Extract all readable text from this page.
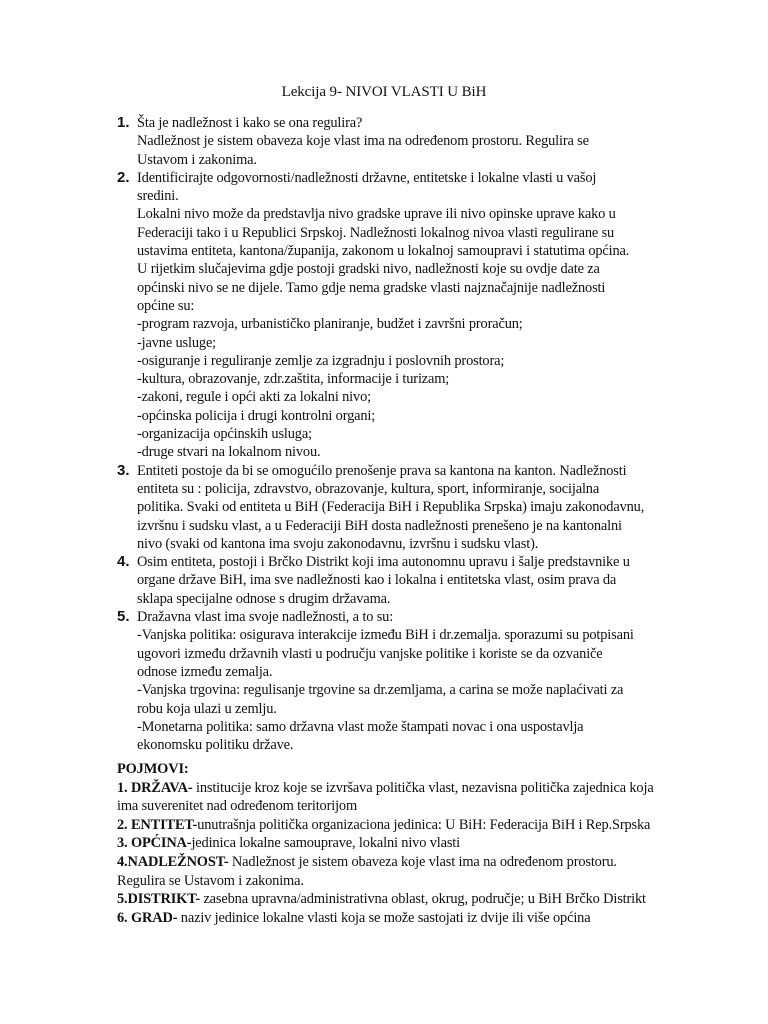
Lekcija 9- NIVOI VLASTI U BiH
1. Šta je nadležnost i kako se ona regulira?
Nadležnost je sistem obaveza koje vlast ima na određenom prostoru. Regulira se
Ustavom i zakonima.
2. Identificirajte odgovornosti/nadležnosti državne, entitetske i lokalne vlasti u vašoj
sredini.
Lokalni nivo može da predstavlja nivo gradske uprave ili nivo opinske uprave kako u
Federaciji tako i u Republici Srpskoj. Nadležnosti lokalnog nivoa vlasti regulirane su
ustavima entiteta, kantona/županija, zakonom u lokalnoj samoupravi i statutima općina.
U rijetkim slučajevima gdje postoji gradski nivo, nadležnosti koje su ovdje date za
općinski nivo se ne dijele. Tamo gdje nema gradske vlasti najznačajnije nadležnosti
općine su:
-program razvoja, urbanističko planiranje, budžet i završni proračun;
-javne usluge;
-osiguranje i reguliranje zemlje za izgradnju i poslovnih prostora;
-kultura, obrazovanje, zdr.zaštita, informacije i turizam;
-zakoni, regule i opći akti za lokalni nivo;
-općinska policija i drugi kontrolni organi;
-organizacija općinskih usluga;
-druge stvari na lokalnom nivou.
3. Entiteti postoje da bi se omogućilo prenošenje prava sa kantona na kanton. Nadležnosti
entiteta su : policija, zdravstvo, obrazovanje, kultura, sport, informiranje, socijalna
politika. Svaki od entiteta u BiH (Federacija BiH i Republika Srpska) imaju zakonodavnu,
izvršnu i sudsku vlast, a u Federaciji BiH dosta nadležnosti prenešeno je na kantonalni
nivo (svaki od kantona ima svoju zakonodavnu, izvršnu i sudsku vlast).
4. Osim entiteta, postoji i Brčko Distrikt koji ima autonomnu upravu i šalje predstavnike u
organe države BiH, ima sve nadležnosti kao i lokalna i entitetska vlast, osim prava da
sklapa specijalne odnose s drugim državama.
5. Dražavna vlast ima svoje nadležnosti, a to su:
-Vanjska politika: osigurava interakcije između BiH i dr.zemalja. sporazumi su potpisani
ugovori između državnih vlasti u području vanjske politike i koriste se da ozvaniče
odnose između zemalja.
-Vanjska trgovina: regulisanje trgovine sa dr.zemljama, a carina se može naplaćivati za
robu koja ulazi u zemlju.
-Monetarna politika: samo državna vlast može štampati novac i ona uspostavlja
ekonomsku politiku države.
POJMOVI:
1. DRŽAVA- institucije kroz koje se izvršava politička vlast, nezavisna politička zajednica koja
ima suverenitet nad određenom teritorijom
2. ENTITET-unutrašnja politička organizaciona jedinica: U BiH: Federacija BiH i Rep.Srpska
3. OPĆINA-jedinica lokalne samouprave, lokalni nivo vlasti
4.NADLEŽNOST- Nadležnost je sistem obaveza koje vlast ima na određenom prostoru.
Regulira se Ustavom i zakonima.
5.DISTRIKT- zasebna upravna/administrativna oblast, okrug, područje; u BiH Brčko Distrikt
6. GRAD- naziv jedinice lokalne vlasti koja se može sastojati iz dvije ili više općina
